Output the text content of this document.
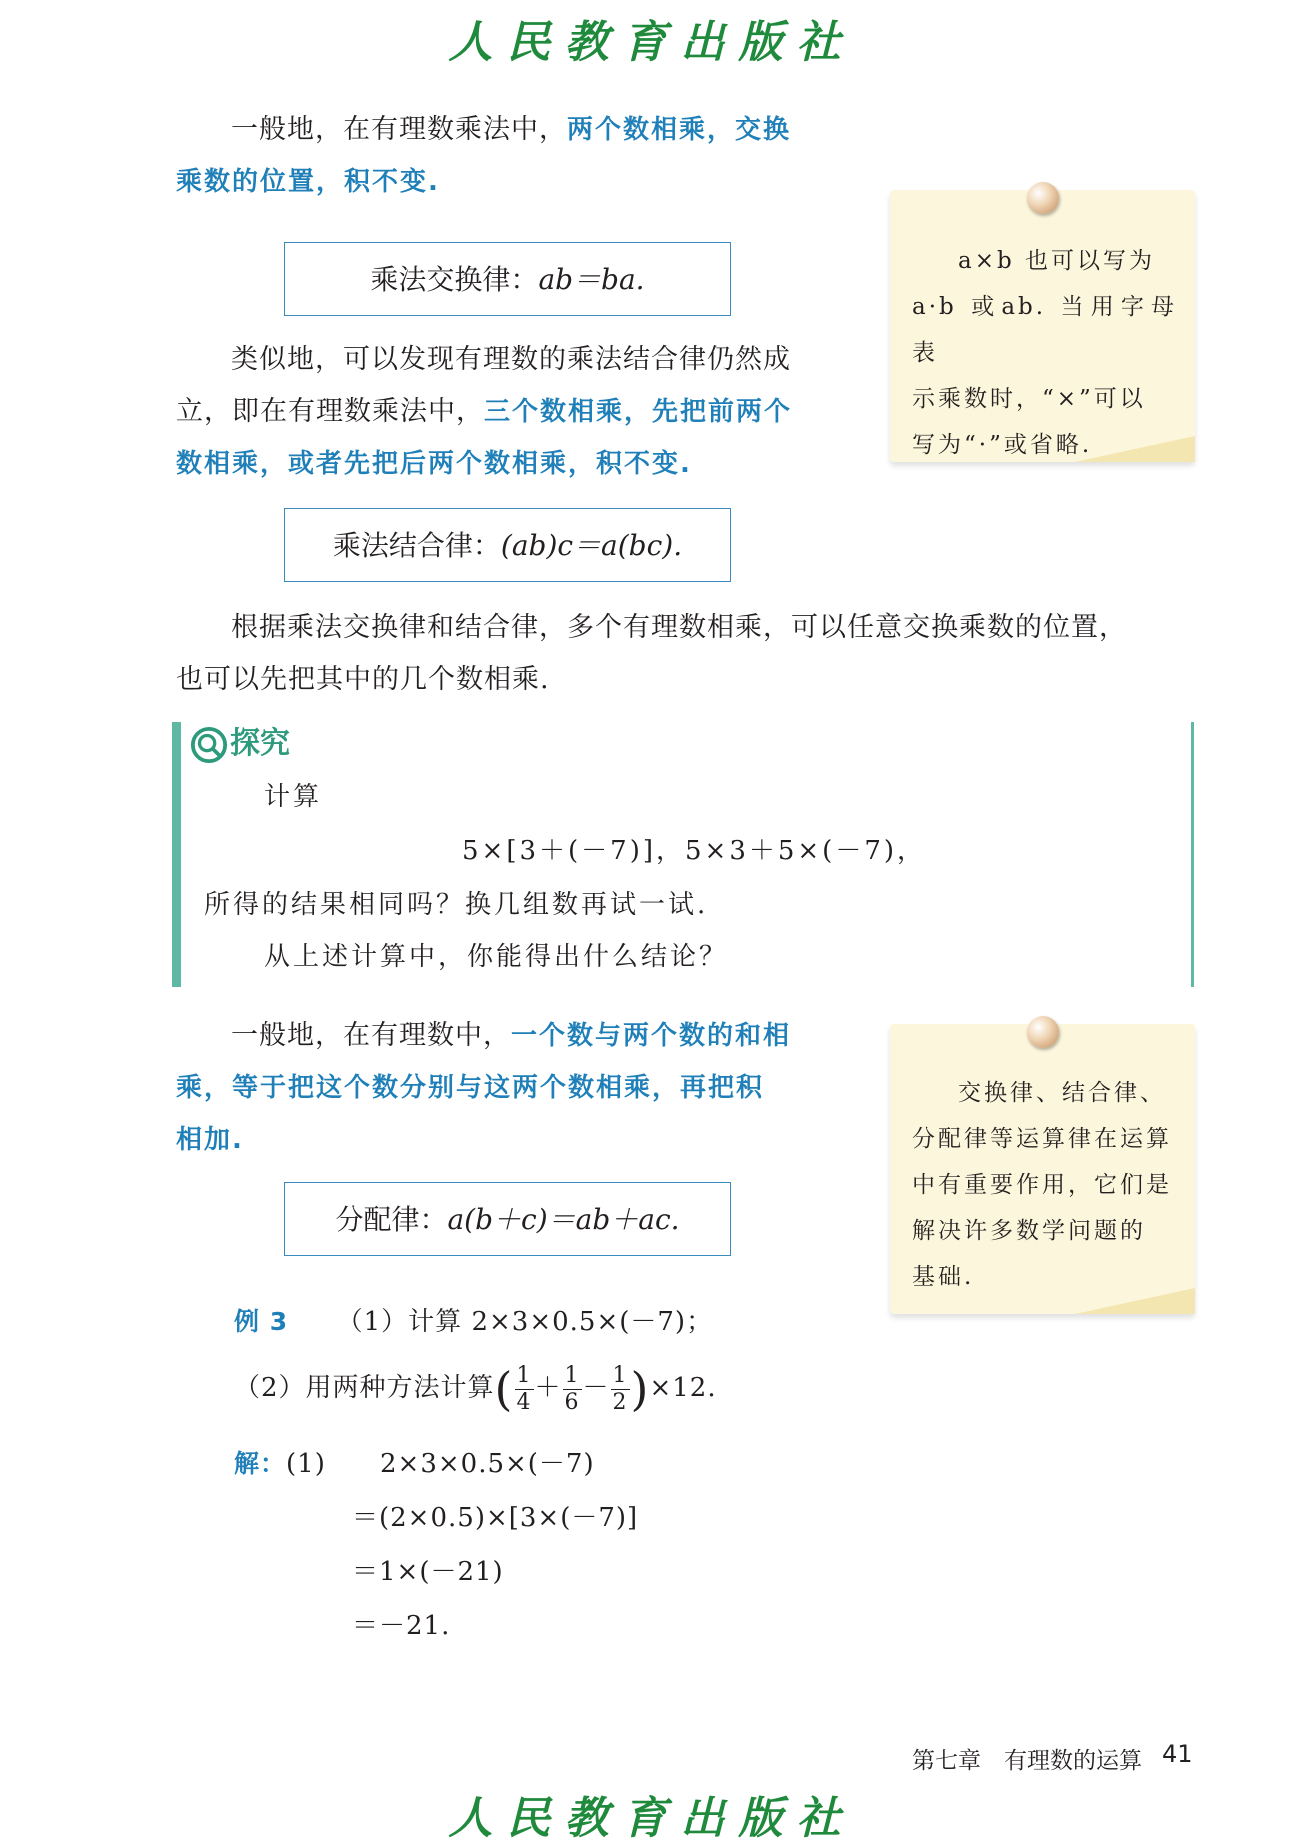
人民教育出版社
一般地，在有理数乘法中，两个数相乘，交换
乘数的位置，积不变.
乘法交换律：ab＝ba.
类似地，可以发现有理数的乘法结合律仍然成
立，即在有理数乘法中，三个数相乘，先把前两个
数相乘，或者先把后两个数相乘，积不变.
乘法结合律：(ab)c＝a(bc).
根据乘法交换律和结合律，多个有理数相乘，可以任意交换乘数的位置，
也可以先把其中的几个数相乘.
a×b 也可以写为
a·b 或ab. 当用字母表
示乘数时，“×”可以
写为“·”或省略.
探究
计算
5×[3＋(－7)]，5×3＋5×(－7)，
所得的结果相同吗？换几组数再试一试.
从上述计算中，你能得出什么结论？
一般地，在有理数中，一个数与两个数的和相
乘，等于把这个数分别与这两个数相乘，再把积
相加.
分配律：a(b＋c)＝ab＋ac.
交换律、结合律、
分配律等运算律在运算
中有重要作用，它们是
解决许多数学问题的
基础.
例 3 （1）计算 2×3×0.5×(－7)；
（2）用两种方法计算( $\frac{1}{4} + \frac{1}{6} - \frac{1}{2} )\times 12$.
解：(1) 2×3×0.5×(－7)
＝(2×0.5)×[3×(－7)]
＝1×(－21)
＝－21.
第七章　有理数的运算 41
人民教育出版社
